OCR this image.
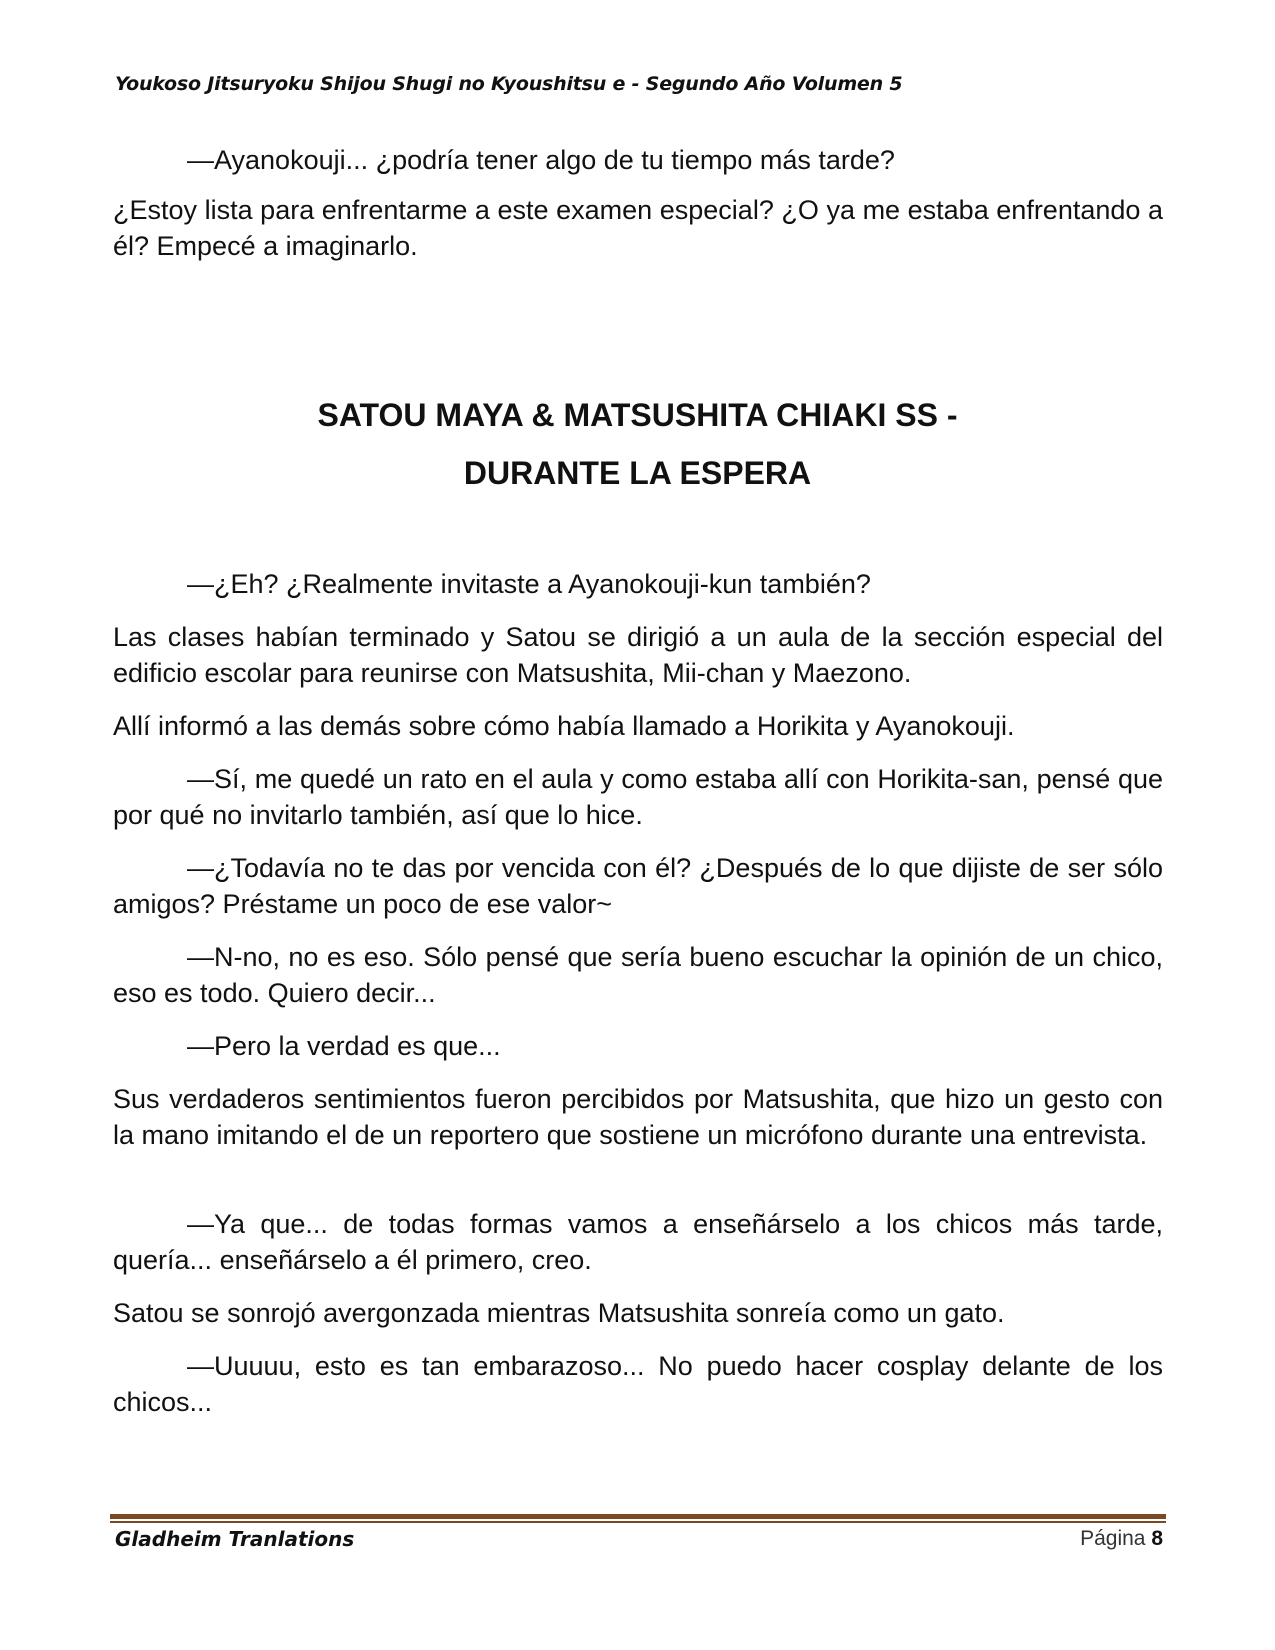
Youkoso Jitsuryoku Shijou Shugi no Kyoushitsu e - Segundo Año Volumen 5

—Ayanokouji... ¿podría tener algo de tu tiempo más tarde?

¿Estoy lista para enfrentarme a este examen especial? ¿O ya me estaba enfrentando a él? Empecé a imaginarlo.

SATOU MAYA & MATSUSHITA CHIAKI SS -
DURANTE LA ESPERA

—¿Eh? ¿Realmente invitaste a Ayanokouji-kun también?

Las clases habían terminado y Satou se dirigió a un aula de la sección especial del edificio escolar para reunirse con Matsushita, Mii-chan y Maezono.

Allí informó a las demás sobre cómo había llamado a Horikita y Ayanokouji.

—Sí, me quedé un rato en el aula y como estaba allí con Horikita-san, pensé que por qué no invitarlo también, así que lo hice.

—¿Todavía no te das por vencida con él? ¿Después de lo que dijiste de ser sólo amigos? Préstame un poco de ese valor~

—N-no, no es eso. Sólo pensé que sería bueno escuchar la opinión de un chico, eso es todo. Quiero decir...

—Pero la verdad es que...

Sus verdaderos sentimientos fueron percibidos por Matsushita, que hizo un gesto con la mano imitando el de un reportero que sostiene un micrófono durante una entrevista.

—Ya que... de todas formas vamos a enseñárselo a los chicos más tarde, quería... enseñárselo a él primero, creo.

Satou se sonrojó avergonzada mientras Matsushita sonreía como un gato.

—Uuuuu, esto es tan embarazoso... No puedo hacer cosplay delante de los chicos...

Gladheim Tranlations	Página 8
